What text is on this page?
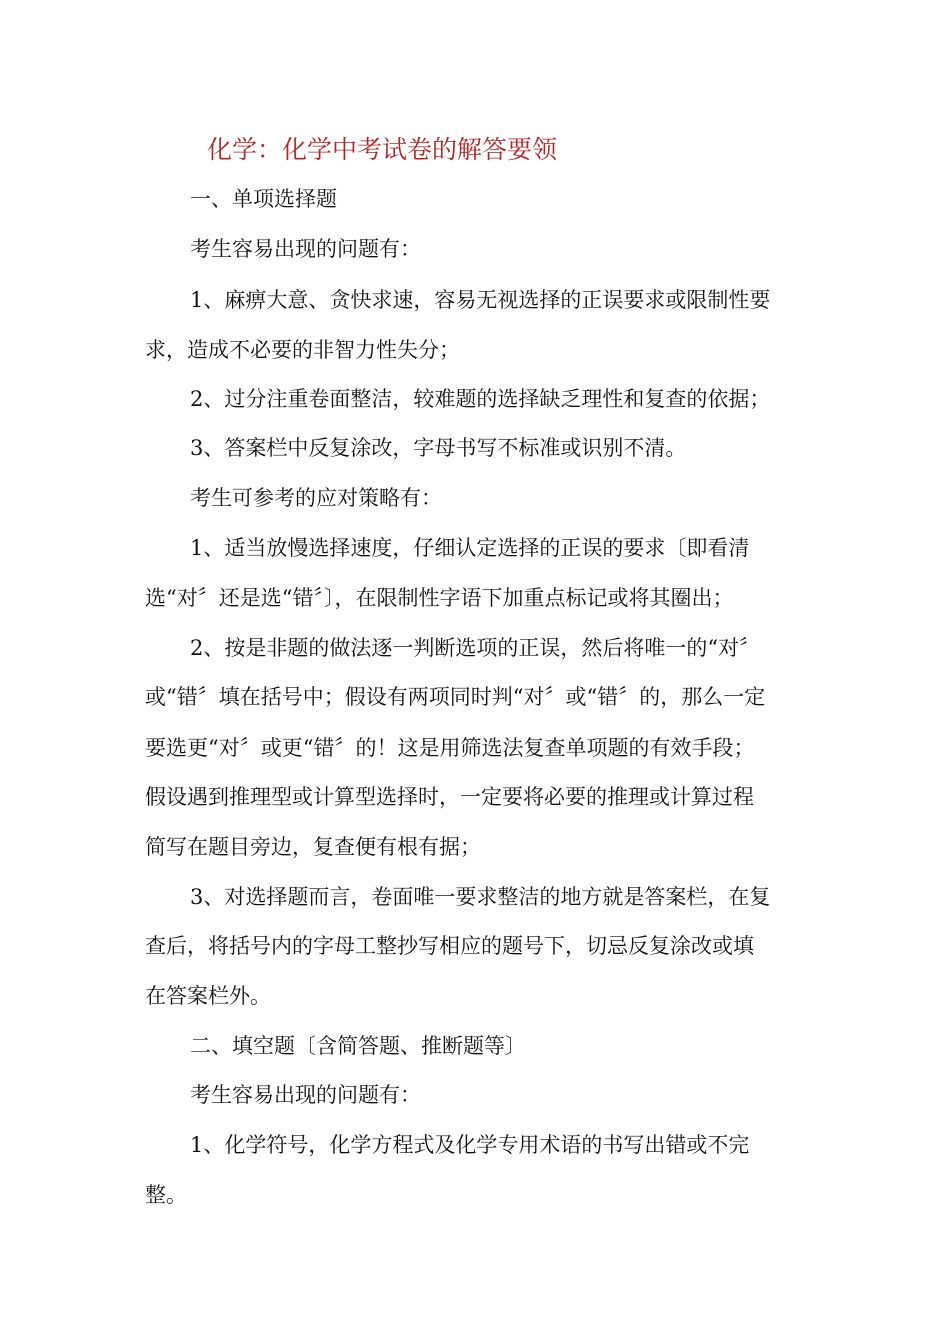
化学：化学中考试卷的解答要领
一、单项选择题
考生容易出现的问题有：
1、麻痹大意、贪快求速，容易无视选择的正误要求或限制性要
求，造成不必要的非智力性失分；
2、过分注重卷面整洁，较难题的选择缺乏理性和复查的依据；
3、答案栏中反复涂改，字母书写不标准或识别不清。
考生可参考的应对策略有：
1、适当放慢选择速度，仔细认定选择的正误的要求〔即看清
选“对〞还是选“错〞〕，在限制性字语下加重点标记或将其圈出；
2、按是非题的做法逐一判断选项的正误，然后将唯一的“对〞
或“错〞填在括号中；假设有两项同时判“对〞或“错〞的，那么一定
要选更“对〞或更“错〞的！这是用筛选法复查单项题的有效手段；
假设遇到推理型或计算型选择时，一定要将必要的推理或计算过程
简写在题目旁边，复查便有根有据；
3、对选择题而言，卷面唯一要求整洁的地方就是答案栏，在复
查后，将括号内的字母工整抄写相应的题号下，切忌反复涂改或填
在答案栏外。
二、填空题〔含简答题、推断题等〕
考生容易出现的问题有：
1、化学符号，化学方程式及化学专用术语的书写出错或不完
整。
